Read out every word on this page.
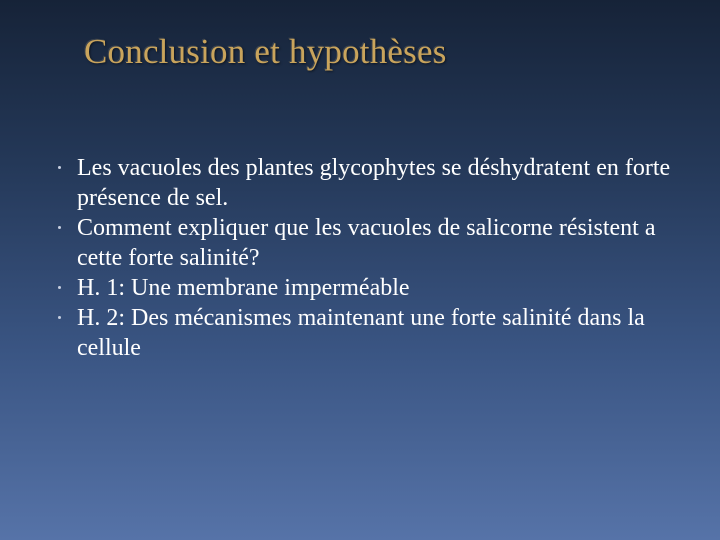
Conclusion et hypothèses
Les vacuoles des plantes glycophytes se déshydratent en forte présence de sel.
Comment expliquer que les vacuoles de salicorne résistent a cette forte salinité?
H. 1: Une membrane imperméable
H. 2: Des mécanismes maintenant une forte salinité dans la cellule
